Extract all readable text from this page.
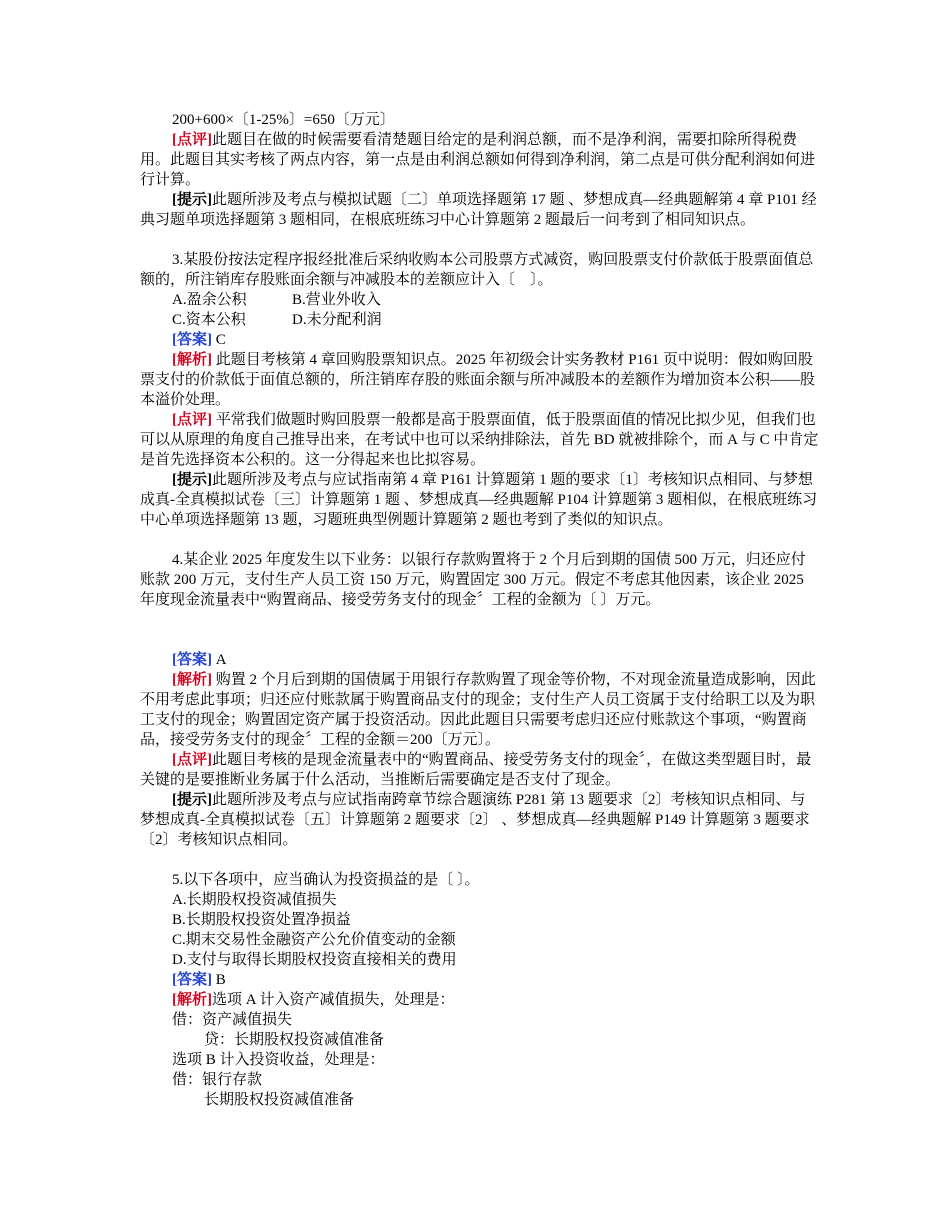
200+600×〔1-25%〕=650〔万元〕

[点评]此题目在做的时候需要看清楚题目给定的是利润总额，而不是净利润，需要扣除所得税费用。此题目其实考核了两点内容，第一点是由利润总额如何得到净利润，第二点是可供分配利润如何进行计算。

[提示]此题所涉及考点与模拟试题〔二〕单项选择题第 17 题 、梦想成真—经典题解第 4 章 P101 经典习题单项选择题第 3 题相同，在根底班练习中心计算题第 2 题最后一问考到了相同知识点。

3.某股份按法定程序报经批准后采纳收购本公司股票方式减资，购回股票支付价款低于股票面值总额的，所注销库存股账面余额与冲减股本的差额应计入〔　〕。

A.盈余公积	B.营业外收入

C.资本公积	D.未分配利润

[答案] C

[解析] 此题目考核第 4 章回购股票知识点。2025 年初级会计实务教材 P161 页中说明：假如购回股票支付的价款低于面值总额的，所注销库存股的账面余额与所冲减股本的差额作为增加资本公积——股本溢价处理。

[点评] 平常我们做题时购回股票一般都是高于股票面值，低于股票面值的情况比拟少见，但我们也可以从原理的角度自己推导出来，在考试中也可以采纳排除法，首先 BD 就被排除个，而 A 与 C 中肯定是首先选择资本公积的。这一分得起来也比拟容易。

[提示]此题所涉及考点与应试指南第 4 章 P161 计算题第 1 题的要求〔1〕考核知识点相同、与梦想成真-全真模拟试卷〔三〕计算题第 1 题 、梦想成真—经典题解 P104 计算题第 3 题相似，在根底班练习中心单项选择题第 13 题，习题班典型例题计算题第 2 题也考到了类似的知识点。

4.某企业 2025 年度发生以下业务：以银行存款购置将于 2 个月后到期的国债 500 万元，归还应付账款 200 万元，支付生产人员工资 150 万元，购置固定 300 万元。假定不考虑其他因素，该企业 2025 年度现金流量表中“购置商品、接受劳务支付的现金〞工程的金额为〔 〕万元。

[答案] A

[解析] 购置 2 个月后到期的国债属于用银行存款购置了现金等价物，不对现金流量造成影响，因此不用考虑此事项；归还应付账款属于购置商品支付的现金；支付生产人员工资属于支付给职工以及为职工支付的现金；购置固定资产属于投资活动。因此此题目只需要考虑归还应付账款这个事项，“购置商品，接受劳务支付的现金〞工程的金额＝200〔万元〕。

[点评]此题目考核的是现金流量表中的“购置商品、接受劳务支付的现金〞，在做这类型题目时，最关键的是要推断业务属于什么活动，当推断后需要确定是否支付了现金。

[提示]此题所涉及考点与应试指南跨章节综合题演练 P281 第 13 题要求〔2〕考核知识点相同、与梦想成真-全真模拟试卷〔五〕计算题第 2 题要求〔2〕 、梦想成真—经典题解 P149 计算题第 3 题要求〔2〕考核知识点相同。

5.以下各项中，应当确认为投资损益的是〔 〕。

A.长期股权投资减值损失

B.长期股权投资处置净损益

C.期末交易性金融资产公允价值变动的金额

D.支付与取得长期股权投资直接相关的费用

[答案] B

[解析]选项 A 计入资产减值损失，处理是：

借：资产减值损失

贷：长期股权投资减值准备

选项 B 计入投资收益，处理是：

借：银行存款

长期股权投资减值准备
